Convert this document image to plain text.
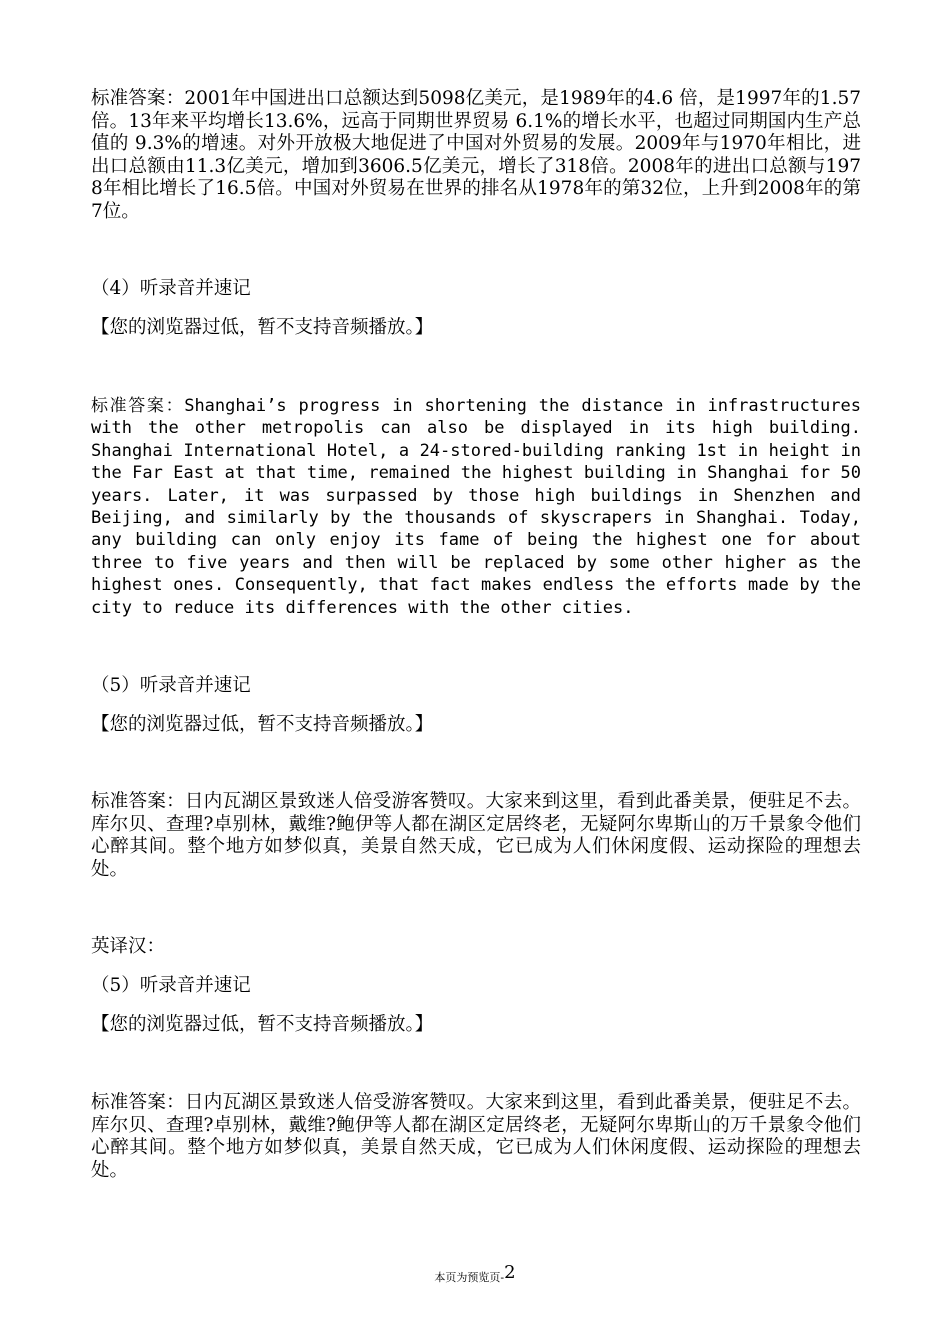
标准答案：2001年中国进出口总额达到5098亿美元，是1989年的4.6 倍，是1997年的1.57倍。13年来平均增长13.6%，远高于同期世界贸易 6.1%的增长水平，也超过同期国内生产总值的 9.3%的增速。对外开放极大地促进了中国对外贸易的发展。2009年与1970年相比，进出口总额由11.3亿美元，增加到3606.5亿美元，增长了318倍。2008年的进出口总额与1978年相比增长了16.5倍。中国对外贸易在世界的排名从1978年的第32位，上升到2008年的第7位。

（4）听录音并速记

【您的浏览器过低，暂不支持音频播放。】

标准答案：Shanghai’s progress in shortening the distance in infrastructures with the other metropolis can also be displayed in its high building. Shanghai International Hotel, a 24-stored-building ranking 1st in height in the Far East at that time, remained the highest building in Shanghai for 50 years. Later, it was surpassed by those high buildings in Shenzhen and Beijing, and similarly by the thousands of skyscrapers in Shanghai. Today, any building can only enjoy its fame of being the highest one for about three to five years and then will be replaced by some other higher as the highest ones. Consequently, that fact makes endless the efforts made by the city to reduce its differences with the other cities.

（5）听录音并速记

【您的浏览器过低，暂不支持音频播放。】

标准答案：日内瓦湖区景致迷人倍受游客赞叹。大家来到这里，看到此番美景，便驻足不去。库尔贝、查理?卓别林，戴维?鲍伊等人都在湖区定居终老，无疑阿尔卑斯山的万千景象令他们心醉其间。整个地方如梦似真，美景自然天成，它已成为人们休闲度假、运动探险的理想去处。

英译汉：

（5）听录音并速记

【您的浏览器过低，暂不支持音频播放。】

标准答案：日内瓦湖区景致迷人倍受游客赞叹。大家来到这里，看到此番美景，便驻足不去。库尔贝、查理?卓别林，戴维?鲍伊等人都在湖区定居终老，无疑阿尔卑斯山的万千景象令他们心醉其间。整个地方如梦似真，美景自然天成，它已成为人们休闲度假、运动探险的理想去处。

本页为预览页-2
